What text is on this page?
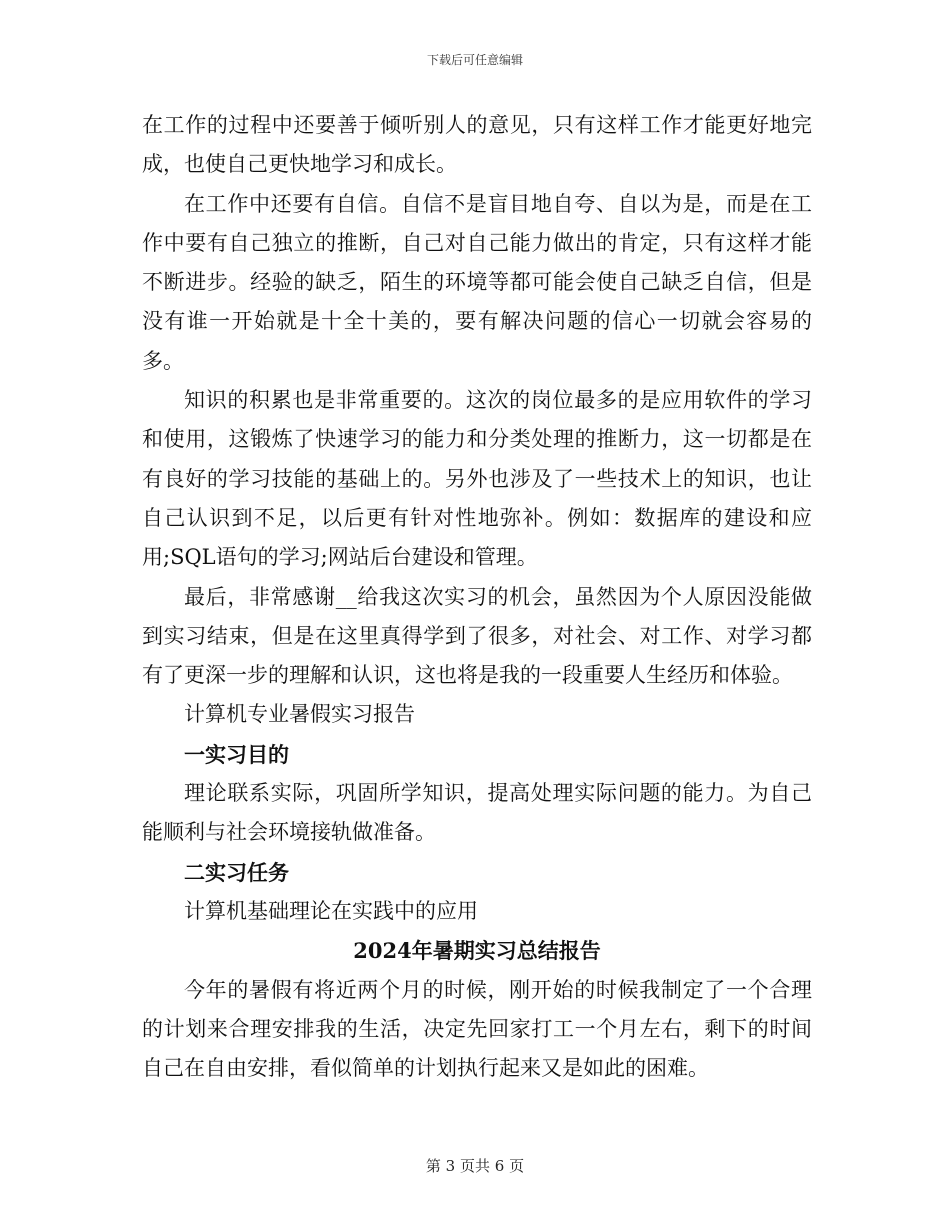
下载后可任意编辑

在工作的过程中还要善于倾听别人的意见，只有这样工作才能更好地完成，也使自己更快地学习和成长。

在工作中还要有自信。自信不是盲目地自夸、自以为是，而是在工作中要有自己独立的推断，自己对自己能力做出的肯定，只有这样才能不断进步。经验的缺乏，陌生的环境等都可能会使自己缺乏自信，但是没有谁一开始就是十全十美的，要有解决问题的信心一切就会容易的多。

知识的积累也是非常重要的。这次的岗位最多的是应用软件的学习和使用，这锻炼了快速学习的能力和分类处理的推断力，这一切都是在有良好的学习技能的基础上的。另外也涉及了一些技术上的知识，也让自己认识到不足，以后更有针对性地弥补。例如：数据库的建设和应用;SQL语句的学习;网站后台建设和管理。

最后，非常感谢__给我这次实习的机会，虽然因为个人原因没能做到实习结束，但是在这里真得学到了很多，对社会、对工作、对学习都有了更深一步的理解和认识，这也将是我的一段重要人生经历和体验。

计算机专业暑假实习报告

一实习目的

理论联系实际，巩固所学知识，提高处理实际问题的能力。为自己能顺利与社会环境接轨做准备。

二实习任务

计算机基础理论在实践中的应用

2024年暑期实习总结报告

今年的暑假有将近两个月的时候，刚开始的时候我制定了一个合理的计划来合理安排我的生活，决定先回家打工一个月左右，剩下的时间自己在自由安排，看似简单的计划执行起来又是如此的困难。

第 3 页共 6 页
